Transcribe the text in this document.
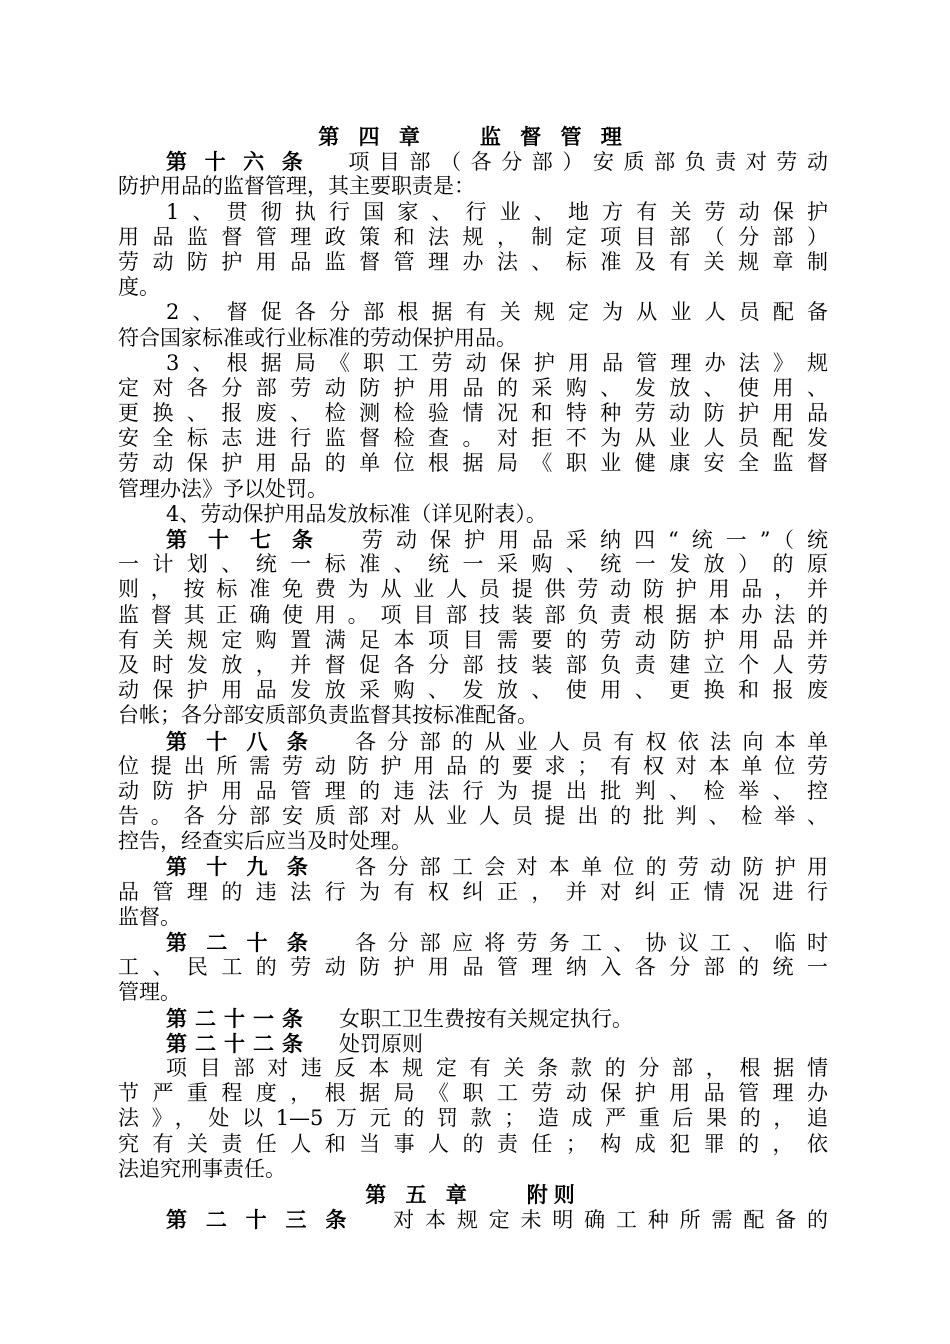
第 四 章　　监 督 管 理
第十六条 项目部（各分部）安质部负责对劳动
防护用品的监督管理，其主要职责是：
1、贯彻执行国家、行业、地方有关劳动保护
用品监督管理政策和法规，制定项目部（分部）
劳动防护用品监督管理办法、标准及有关规章制
度。
2、督促各分部根据有关规定为从业人员配备
符合国家标准或行业标准的劳动保护用品。
3、根据局《职工劳动保护用品管理办法》规
定对各分部劳动防护用品的采购、发放、使用、
更换、报废、检测检验情况和特种劳动防护用品
安全标志进行监督检查。对拒不为从业人员配发
劳动保护用品的单位根据局《职业健康安全监督
管理办法》予以处罚。
4、劳动保护用品发放标准（详见附表）。
第十七条 劳动保护用品采纳四“统一”（统
一计划、统一标准、统一采购、统一发放）的原
则，按标准免费为从业人员提供劳动防护用品，并
监督其正确使用。项目部技装部负责根据本办法的
有关规定购置满足本项目需要的劳动防护用品并
及时发放，并督促各分部技装部负责建立个人劳
动保护用品发放采购、发放、使用、更换和报废
台帐；各分部安质部负责监督其按标准配备。
第十八条 各分部的从业人员有权依法向本单
位提出所需劳动防护用品的要求；有权对本单位劳
动防护用品管理的违法行为提出批判、检举、控
告。各分部安质部对从业人员提出的批判、检举、
控告，经查实后应当及时处理。
第十九条 各分部工会对本单位的劳动防护用
品管理的违法行为有权纠正，并对纠正情况进行
监督。
第二十条 各分部应将劳务工、协议工、临时
工、民工的劳动防护用品管理纳入各分部的统一
管理。
第二十一条 女职工卫生费按有关规定执行。
第二十二条 处罚原则
项目部对违反本规定有关条款的分部，根据情
节严重程度，根据局《职工劳动保护用品管理办
法》，处以1—5万元的罚款；造成严重后果的，追
究有关责任人和当事人的责任；构成犯罪的，依
法追究刑事责任。
第 五 章　　附则
第二十三条 对本规定未明确工种所需配备的
